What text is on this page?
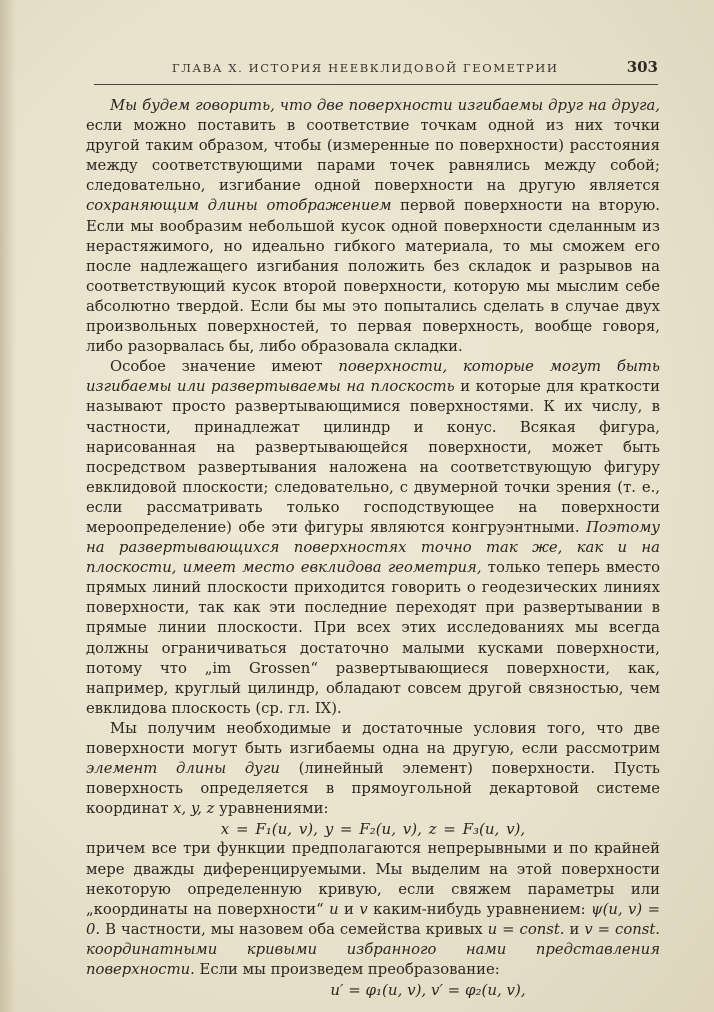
ГЛАВА X. ИСТОРИЯ НЕЕВКЛИДОВОЙ ГЕОМЕТРИИ	303

Мы будем говорить, что две поверхности изгибаемы друг на друга, если можно поставить в соответствие точкам одной из них точки другой таким образом, чтобы (измеренные по поверхности) расстояния между соответствующими парами точек равнялись между собой; следовательно, изгибание одной поверхности на другую является сохраняющим длины отображением первой поверхности на вторую. Если мы вообразим небольшой кусок одной поверхности сделанным из нерастяжимого, но идеально гибкого материала, то мы сможем его после надлежащего изгибания положить без складок и разрывов на соответствующий кусок второй поверхности, которую мы мыслим себе абсолютно твердой. Если бы мы это попытались сделать в случае двух произвольных поверхностей, то первая поверхность, вообще говоря, либо разорвалась бы, либо образовала складки.

Особое значение имеют поверхности, которые могут быть изгибаемы или развертываемы на плоскость и которые для краткости называют просто развертывающимися поверхностями. К их числу, в частности, принадлежат цилиндр и конус. Всякая фигура, нарисованная на развертывающейся поверхности, может быть посредством развертывания наложена на соответствующую фигуру евклидовой плоскости; следовательно, с двумерной точки зрения (т. е., если рассматривать только господствующее на поверхности мероопределение) обе эти фигуры являются конгруэнтными. Поэтому на развертывающихся поверхностях точно так же, как и на плоскости, имеет место евклидова геометрия, только теперь вместо прямых линий плоскости приходится говорить о геодезических линиях поверхности, так как эти последние переходят при развертывании в прямые линии плоскости. При всех этих исследованиях мы всегда должны ограничиваться достаточно малыми кусками поверхности, потому что „im Grossen“ развертывающиеся поверхности, как, например, круглый цилиндр, обладают совсем другой связностью, чем евклидова плоскость (ср. гл. IX).

Мы получим необходимые и достаточные условия того, что две поверхности могут быть изгибаемы одна на другую, если рассмотрим элемент длины дуги (линейный элемент) поверхности. Пусть поверхность определяется в прямоугольной декартовой системе координат x, y, z уравнениями:

x = F₁(u, v), y = F₂(u, v), z = F₃(u, v),

причем все три функции предполагаются непрерывными и по крайней мере дважды диференцируемыми. Мы выделим на этой поверхности некоторую определенную кривую, если свяжем параметры или „координаты на поверхности“ u и v каким-нибудь уравнением: ψ(u, v) = 0. В частности, мы назовем оба семейства кривых u = const. и v = const. координатными кривыми избранного нами представления поверхности. Если мы произведем преобразование:

u′ = φ₁(u, v), v′ = φ₂(u, v),
